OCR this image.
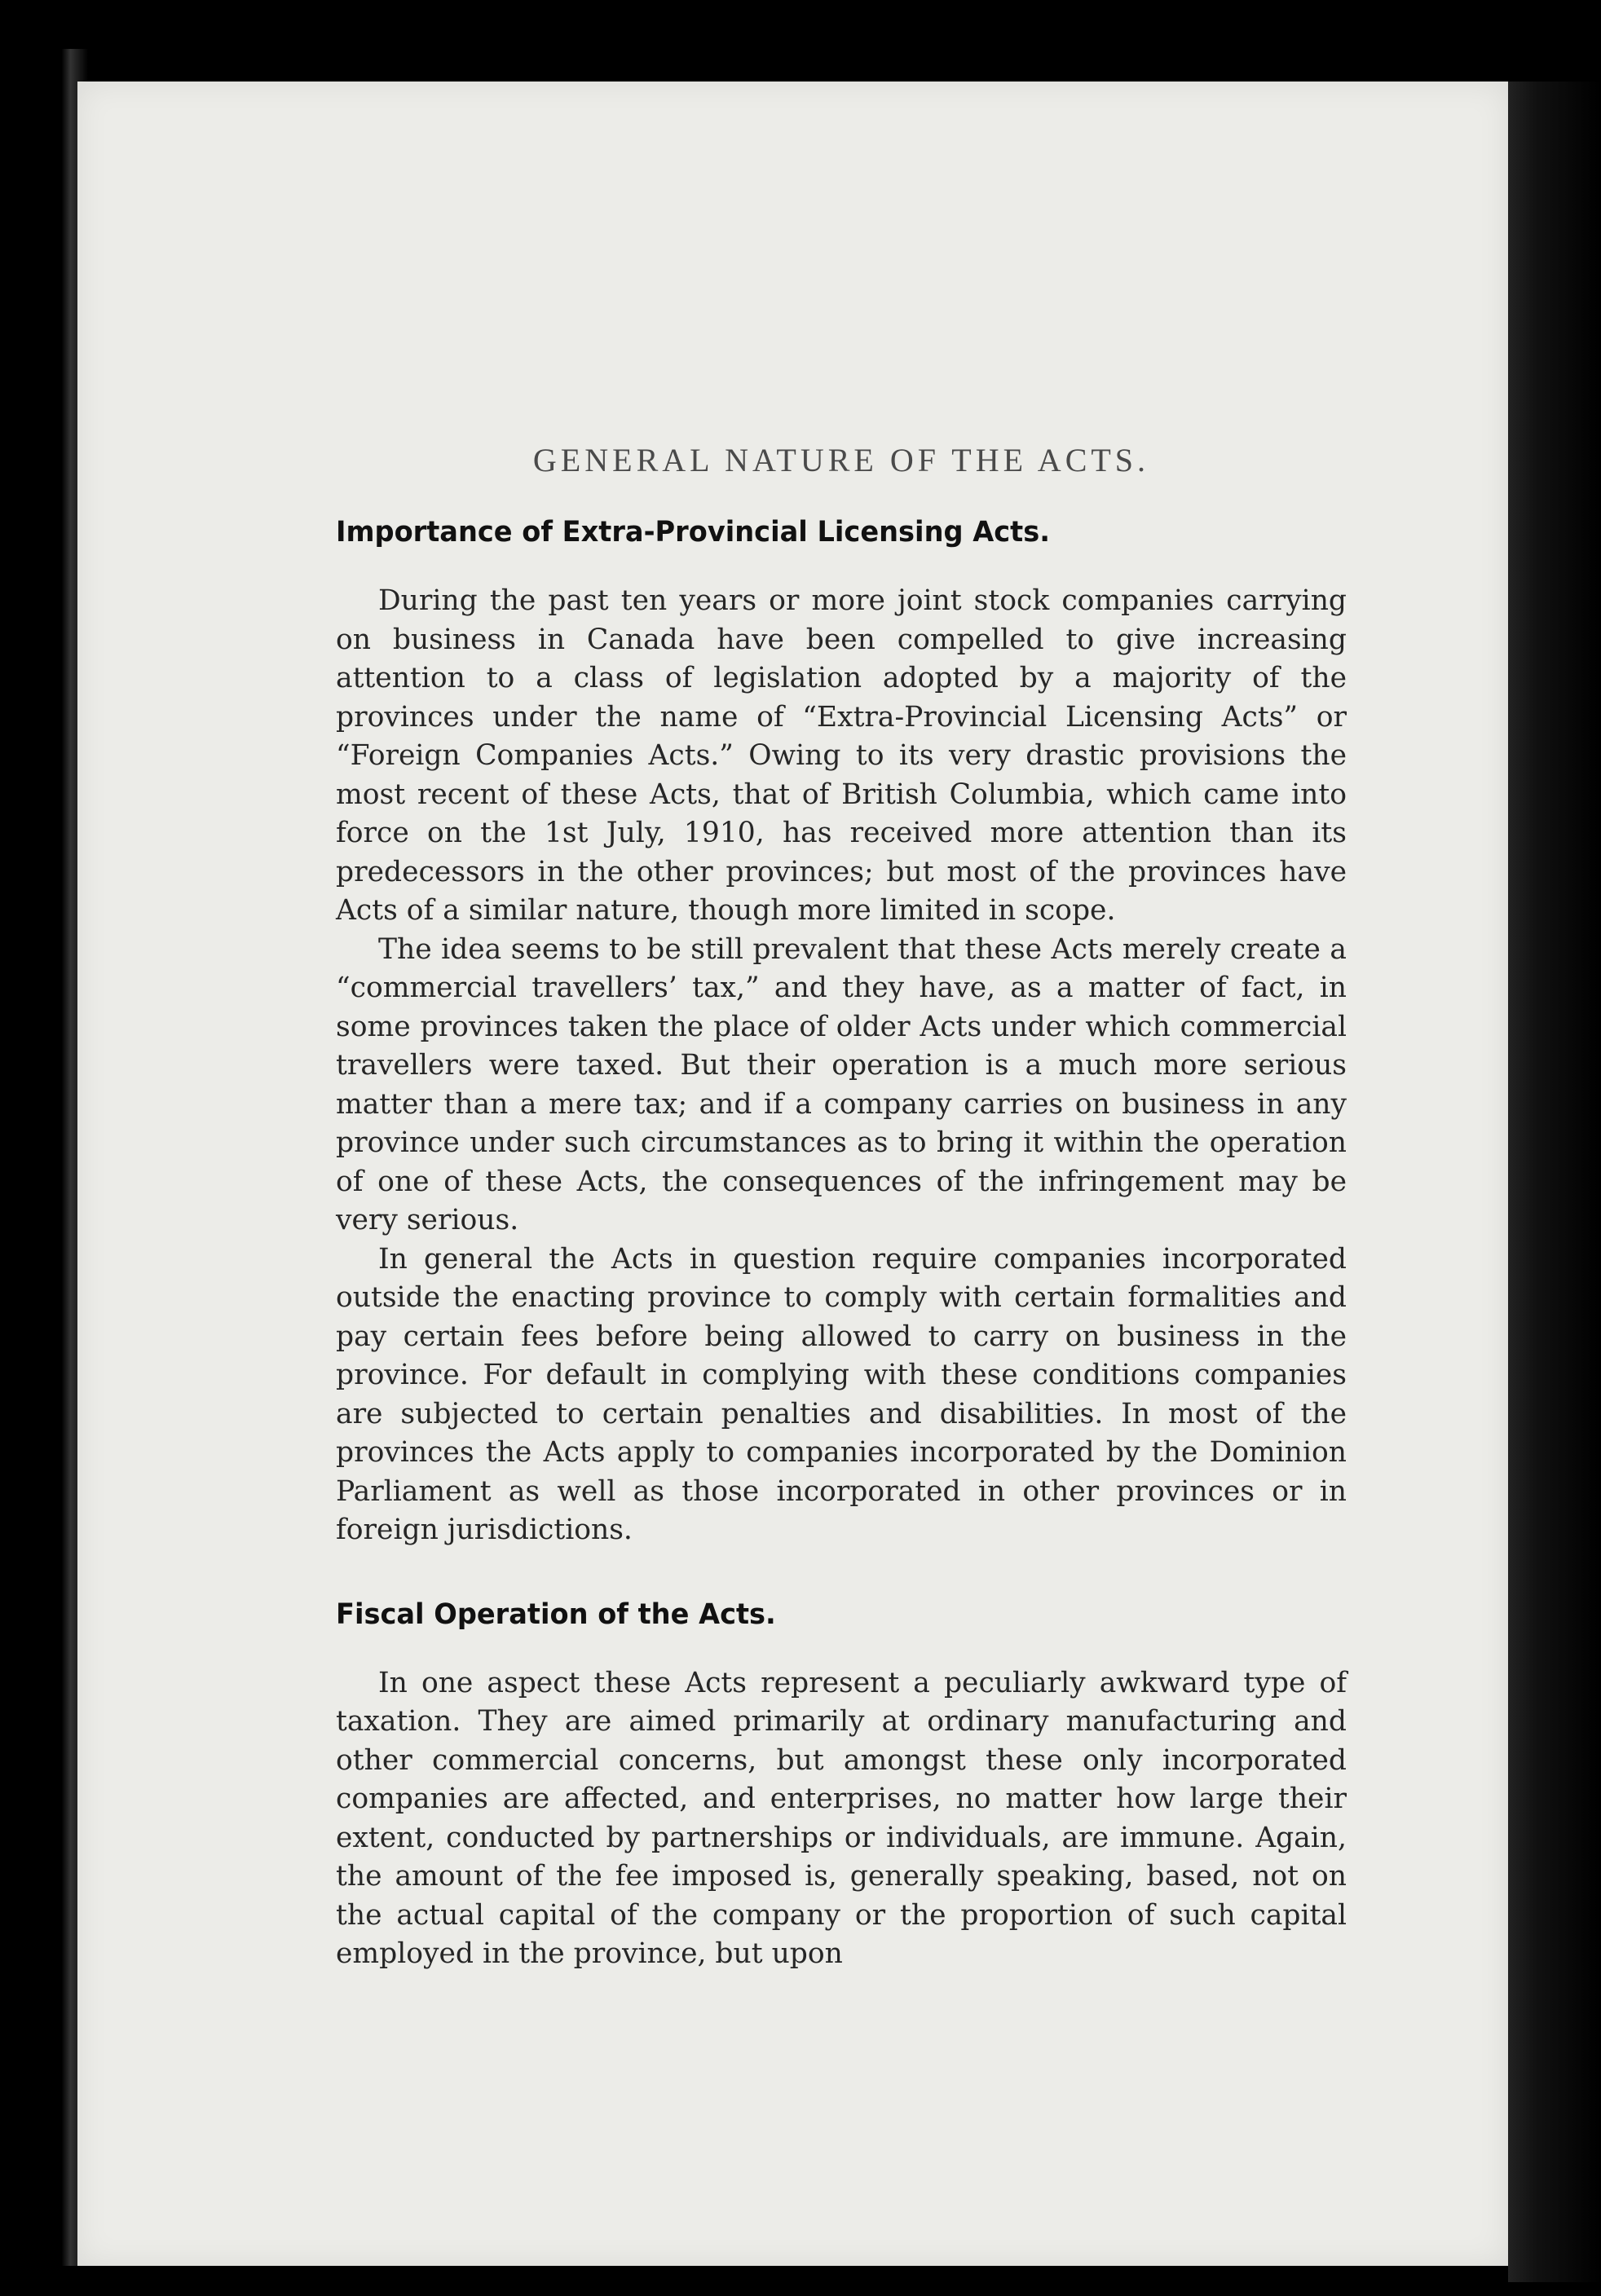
GENERAL NATURE OF THE ACTS.
Importance of Extra-Provincial Licensing Acts.

During the past ten years or more joint stock companies carrying on business in Canada have been compelled to give increasing attention to a class of legislation adopted by a majority of the provinces under the name of “Extra-Provincial Licensing Acts” or “Foreign Companies Acts.” Owing to its very drastic provisions the most recent of these Acts, that of British Columbia, which came into force on the 1st July, 1910, has received more attention than its predecessors in the other provinces; but most of the provinces have Acts of a similar nature, though more limited in scope.

The idea seems to be still prevalent that these Acts merely create a “commercial travellers’ tax,” and they have, as a matter of fact, in some provinces taken the place of older Acts under which commercial travellers were taxed. But their operation is a much more serious matter than a mere tax; and if a company carries on business in any province under such circumstances as to bring it within the operation of one of these Acts, the consequences of the infringement may be very serious.

In general the Acts in question require companies incorporated outside the enacting province to comply with certain formalities and pay certain fees before being allowed to carry on business in the province. For default in complying with these conditions companies are subjected to certain penalties and disabilities. In most of the provinces the Acts apply to companies incorporated by the Dominion Parliament as well as those incorporated in other provinces or in foreign jurisdictions.

Fiscal Operation of the Acts.

In one aspect these Acts represent a peculiarly awkward type of taxation. They are aimed primarily at ordinary manufacturing and other commercial concerns, but amongst these only incorporated companies are affected, and enterprises, no matter how large their extent, conducted by partnerships or individuals, are immune. Again, the amount of the fee imposed is, generally speaking, based, not on the actual capital of the company or the proportion of such capital employed in the province, but upon
